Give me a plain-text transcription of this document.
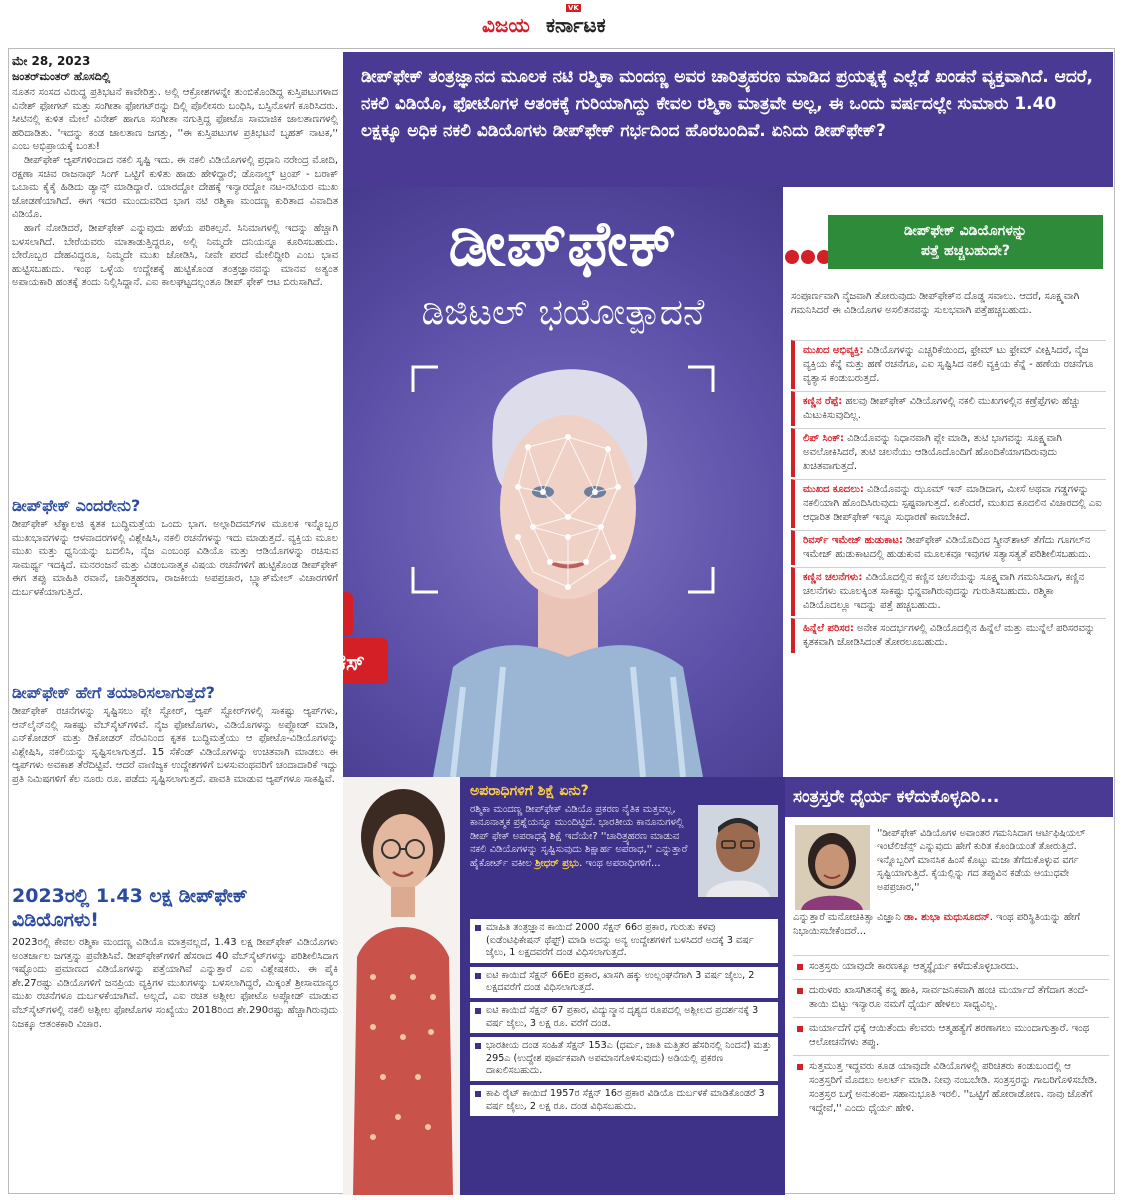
VK
ವಿಜಯ ಕರ್ನಾಟಕ
ಮೇ 28, 2023
ಜಂತರ್‌ಮಂತರ್ ಹೊಸದಿಲ್ಲಿ

ನೂತನ ಸಂಸದ ವಿರುದ್ಧ ಪ್ರತಿಭಟನೆ ಕಾವೇರಿತ್ತು. ಅಲ್ಲಿ ಆಕ್ರೋಶಗಳನ್ನೇ ತುಂಬಿಕೊಂಡಿದ್ದ ಕುಸ್ತಿಪಟುಗಳಾದ ವಿನೇಶ್ ಫೋಗಟ್ ಮತ್ತು ಸಂಗೀತಾ ಫೋಗಟ್‌ರನ್ನು ದಿಲ್ಲಿ ಪೊಲೀಸರು ಬಂಧಿಸಿ, ಬಸ್ಸಿನೊಳಗೆ ಕೂರಿಸಿದರು. ಸೀಟಿನಲ್ಲಿ ಕುಳಿತ ಮೇಲೆ ವಿನೇಶ್ ಹಾಗೂ ಸಂಗೀತಾ ನಗುತ್ತಿದ್ದ ಫೋಟೊ ಸಾಮಾಜಿಕ ಜಾಲತಾಣಗಳಲ್ಲಿ ಹರಿದಾಡಿತು. 'ಇದನ್ನು ಕಂಡ ಜಾಲತಾಣ ಜಗತ್ತು, ''ಈ ಕುಸ್ತಿಪಟುಗಳ ಪ್ರತಿಭಟನೆ ಬೃಹತ್ ನಾಟಕ,'' ಎಂಬ ಅಭಿಪ್ರಾಯಕ್ಕೆ ಬಂತು!

ಡೀಪ್‌ಫೇಕ್ ಆ್ಯಪ್‌ಗಳಿಂದಾದ ನಕಲಿ ಸೃಷ್ಟಿ ಇದು. ಈ ನಕಲಿ ವಿಡಿಯೊಗಳಲ್ಲಿ ಪ್ರಧಾನಿ ನರೇಂದ್ರ ಮೋದಿ, ರಕ್ಷಣಾ ಸಚಿವ ರಾಜನಾಥ್ ಸಿಂಗ್ ಒಟ್ಟಿಗೆ ಕುಳಿತು ಹಾಡು ಹೇಳಿದ್ದಾರೆ; ಡೊನಾಲ್ಡ್ ಟ್ರಂಪ್ - ಬರಾಕ್ ಒಬಾಮ ಕೈಕೈ ಹಿಡಿದು ಡ್ಯಾನ್ಸ್ ಮಾಡಿದ್ದಾರೆ. ಯಾರದ್ದೋ ದೇಹಕ್ಕೆ ಇನ್ಯಾರದ್ದೋ ನಟ-ನಟಿಯರ ಮುಖ ಜೋಡಣೆಯಾಗಿದೆ. ಈಗ ಇದರ ಮುಂದುವರಿದ ಭಾಗ ನಟಿ ರಶ್ಮಿಕಾ ಮಂದಣ್ಣ ಕುರಿತಾದ ವಿವಾದಿತ ವಿಡಿಯೊ.

ಹಾಗೆ ನೋಡಿದರೆ, ಡೀಪ್‌ಫೇಕ್ ಎನ್ನುವುದು ಹಳೆಯ ಪರಿಕಲ್ಪನೆ. ಸಿನಿಮಾಗಳಲ್ಲಿ ಇದನ್ನು ಹೆಚ್ಚಾಗಿ ಬಳಸಲಾಗಿದೆ. ಬೇರೆಯವರು ಮಾತಾಡುತ್ತಿದ್ದರೂ, ಅಲ್ಲಿ ನಿಮ್ಮದೇ ದನಿಯನ್ನೂ ಕೂರಿಸಬಹುದು. ಬೇರೊಬ್ಬರ ದೇಹವಿದ್ದರೂ, ನಿಮ್ಮದೇ ಮುಖ ಜೋಡಿಸಿ, ನೀವೇ ಪರದೆ ಮೇಲಿದ್ದೀರಿ ಎಂಬ ಭಾವ ಹುಟ್ಟಿಸಬಹುದು. ಇಂಥ ಒಳ್ಳೆಯ ಉದ್ದೇಶಕ್ಕೆ ಹುಟ್ಟಿಕೊಂಡ ತಂತ್ರಜ್ಞಾನವನ್ನು ಮಾನವ ಅತ್ಯಂತ ಅಪಾಯಕಾರಿ ಹಂತಕ್ಕೆ ತಂದು ನಿಲ್ಲಿಸಿದ್ದಾನೆ. ಎಐ ಕಾಲಘಟ್ಟದಲ್ಲಂತೂ ಡೀಪ್ ಫೇಕ್ ಆಟ ಬಿರುಸಾಗಿದೆ.

ಡೀಪ್‌ಫೇಕ್ ಎಂದರೇನು?

ಡೀಪ್‌ಫೇಕ್ ಟೆಕ್ನಾಲಜಿ ಕೃತಕ ಬುದ್ಧಿಮತ್ತೆಯ ಒಂದು ಭಾಗ. ಅಲ್ಗಾರಿದಮ್‌ಗಳ ಮೂಲಕ ಇನ್ನೊಬ್ಬರ ಮುಖಭಾವಗಳನ್ನು ಆಳವಾದರಗಳಲ್ಲಿ ವಿಶ್ಲೇಷಿಸಿ, ನಕಲಿ ರಚನೆಗಳನ್ನು ಇದು ಮಾಡುತ್ತದೆ. ವ್ಯಕ್ತಿಯ ಮೂಲ ಮುಖ ಮತ್ತು ಧ್ವನಿಯನ್ನು ಬದಲಿಸಿ, ನೈಜ ಎಂಬಂಥ ವಿಡಿಯೊ ಮತ್ತು ಆಡಿಯೊಗಳನ್ನು ರಚಿಸುವ ಸಾಮರ್ಥ್ಯ ಇದಕ್ಕಿದೆ. ಮನರಂಜನೆ ಮತ್ತು ವಿಡಂಬನಾತ್ಮಕ ವಿಷಯ ರಚನೆಗಳಿಗೆ ಹುಟ್ಟಿಕೊಂಡ ಡೀಪ್‌ಫೇಕ್ ಈಗ ತಪ್ಪು ಮಾಹಿತಿ ರವಾನೆ, ಚಾರಿತ್ರ್ಯಹರಣ, ರಾಜಕೀಯ ಅಪಪ್ರಚಾರ, ಬ್ಲ್ಯಾಕ್‌ಮೇಲ್ ವಿಚಾರಗಳಿಗೆ ದುರ್ಬಳಕೆಯಾಗುತ್ತಿದೆ.

ಡೀಪ್‌ಫೇಕ್ ಹೇಗೆ ತಯಾರಿಸಲಾಗುತ್ತದೆ?

ಡೀಪ್‌ಫೇಕ್ ರಚನೆಗಳನ್ನು ಸೃಷ್ಟಿಸಲು ಪ್ಲೇ ಸ್ಟೋರ್, ಆ್ಯಪ್ ಸ್ಟೋರ್‌ಗಳಲ್ಲಿ ಸಾಕಷ್ಟು ಆ್ಯಪ್‌ಗಳು, ಆನ್‌ಲೈನ್‌ನಲ್ಲಿ ಸಾಕಷ್ಟು ವೆಬ್‌ಸೈಟ್‌ಗಳಿವೆ. ನೈಜ ಫೋಟೊಗಳು, ವಿಡಿಯೊಗಳನ್ನು ಅಪ್ಲೋಡ್ ಮಾಡಿ, ಎನ್‌ಕೋಡರ್ ಮತ್ತು ಡಿಕೋಡರ್ ನೆರವಿನಿಂದ ಕೃತಕ ಬುದ್ಧಿಮತ್ತೆಯು ಆ ಫೋಟೊ-ವಿಡಿಯೊಗಳನ್ನು ವಿಶ್ಲೇಷಿಸಿ, ನಕಲಿಯನ್ನು ಸೃಷ್ಟಿಸಲಾಗುತ್ತದೆ. 15 ಸೆಕೆಂಡ್ ವಿಡಿಯೊಗಳನ್ನು ಉಚಿತವಾಗಿ ಮಾಡಲು ಈ ಆ್ಯಪ್‌ಗಳು ಅವಕಾಶ ತೆರೆದಿಟ್ಟಿವೆ. ಆದರೆ ವಾಣಿಜ್ಯಕ ಉದ್ದೇಶಗಳಿಗೆ ಬಳಸುವಂಥವರಿಗೆ ಚಂದಾದಾರಿಕೆ ಇದ್ದು ಪ್ರತಿ ನಿಮಿಷಗಳಿಗೆ ಕೆಲ ನೂರು ರೂ. ಪಡೆದು ಸೃಷ್ಟಿಸಲಾಗುತ್ತದೆ. ಪಾವತಿ ಮಾಡುವ ಆ್ಯಪ್‌ಗಳೂ ಸಾಕಷ್ಟಿವೆ.

2023ರಲ್ಲಿ 1.43 ಲಕ್ಷ ಡೀಪ್‌ಫೇಕ್ ವಿಡಿಯೊಗಳು!

2023ರಲ್ಲಿ ಕೇವಲ ರಶ್ಮಿಕಾ ಮಂದಣ್ಣ ವಿಡಿಯೊ ಮಾತ್ರವಲ್ಲದೆ, 1.43 ಲಕ್ಷ ಡೀಪ್‌ಫೇಕ್ ವಿಡಿಯೊಗಳು ಅಂತರ್ಜಾಲ ಜಗತ್ತನ್ನು ಪ್ರವೇಶಿಸಿವೆ. ಡೀಪ್‌ಫೇಕ್‌ಗಳಿಗೆ ಹೆಸರಾದ 40 ವೆಬ್‌ಸೈಟ್‌ಗಳನ್ನು ಪರಿಶೀಲಿಸಿದಾಗ ಇಷ್ಟೊಂದು ಪ್ರಮಾಣದ ವಿಡಿಯೊಗಳನ್ನು ಪತ್ತೆಯಾಗಿವೆ ಎನ್ನುತ್ತಾರೆ ಎಐ ವಿಶ್ಲೇಷಕರು. ಈ ಪೈಕಿ ಶೇ.27ರಷ್ಟು ವಿಡಿಯೊಗಳಿಗೆ ಜನಪ್ರಿಯ ವ್ಯಕ್ತಿಗಳ ಮುಖಗಳನ್ನು ಬಳಸಲಾಗಿದ್ದರೆ, ಮಿಕ್ಕಂತೆ ಶ್ರೀಸಾಮಾನ್ಯರ ಮುಖ ರಚನೆಗಳೂ ದುರ್ಬಳಕೆಯಾಗಿವೆ. ಅಲ್ಲದೆ, ಎಐ ರಚಿತ ಅಶ್ಲೀಲ ಫೋಟೊ ಅಪ್ಲೋಡ್ ಮಾಡುವ ವೆಬ್‌ಸೈಟ್‌ಗಳಲ್ಲಿ ನಕಲಿ ಅಶ್ಲೀಲ ಫೋಟೊಗಳ ಸಂಖ್ಯೆಯು 2018ರಿಂದ ಶೇ.290ರಷ್ಟು ಹೆಚ್ಚಾಗಿರುವುದು ನಿಜಕ್ಕೂ ಆತಂಕಕಾರಿ ವಿಚಾರ.

ಡೀಪ್‌ಫೇಕ್ ತಂತ್ರಜ್ಞಾನದ ಮೂಲಕ ನಟಿ ರಶ್ಮಿಕಾ ಮಂದಣ್ಣ ಅವರ ಚಾರಿತ್ರ್ಯಹರಣ ಮಾಡಿದ ಪ್ರಯತ್ನಕ್ಕೆ ಎಲ್ಲೆಡೆ ಖಂಡನೆ ವ್ಯಕ್ತವಾಗಿದೆ. ಆದರೆ, ನಕಲಿ ವಿಡಿಯೊ, ಫೋಟೊಗಳ ಆತಂಕಕ್ಕೆ ಗುರಿಯಾಗಿದ್ದು ಕೇವಲ ರಶ್ಮಿಕಾ ಮಾತ್ರವೇ ಅಲ್ಲ, ಈ ಒಂದು ವರ್ಷದಲ್ಲೇ ಸುಮಾರು 1.40 ಲಕ್ಷಕ್ಕೂ ಅಧಿಕ ನಕಲಿ ವಿಡಿಯೊಗಳು ಡೀಪ್‌ಫೇಕ್ ಗರ್ಭದಿಂದ ಹೊರಬಂದಿವೆ. ಏನಿದು ಡೀಪ್‌ಫೇಕ್?

ಡೀಪ್‌ಫೇಕ್
ಡಿಜಿಟಲ್ ಭಯೋತ್ಪಾದನೆ
ವಿಕ
ಫೋಕಸ್
ಡೀಪ್‌ಫೇಕ್ ವಿಡಿಯೊಗಳನ್ನು
ಪತ್ತೆ ಹಚ್ಚಬಹುದೇ?
ಸಂಪೂರ್ಣವಾಗಿ ನೈಜವಾಗಿ ತೋರುವುದು ಡೀಪ್‌ಫೇಕ್‌ನ ದೊಡ್ಡ ಸವಾಲು. ಆದರೆ, ಸೂಕ್ಷ್ಮವಾಗಿ ಗಮನಿಸಿದರೆ ಈ ವಿಡಿಯೊಗಳ ಅಸಲಿತನವನ್ನು ಸುಲಭವಾಗಿ ಪತ್ತೆಹಚ್ಚಬಹುದು.
ಮುಖದ ಅಭಿವ್ಯಕ್ತಿ: ವಿಡಿಯೊಗಳನ್ನು ಎಚ್ಚರಿಕೆಯಿಂದ, ಫ್ರೇಮ್ ಟು ಫ್ರೇಮ್ ವೀಕ್ಷಿಸಿದರೆ, ನೈಜ ವ್ಯಕ್ತಿಯ ಕೆನ್ನೆ ಮತ್ತು ಹಣೆ ರಚನೆಗೂ, ಎಐ ಸೃಷ್ಟಿಸಿದ ನಕಲಿ ವ್ಯಕ್ತಿಯ ಕೆನ್ನೆ - ಹಣೆಯ ರಚನೆಗೂ ವ್ಯತ್ಯಾಸ ಕಂಡುಬರುತ್ತದೆ.
ಕಣ್ಣಿನ ರೆಪ್ಪೆ: ಹಲವು ಡೀಪ್‌ಫೇಕ್ ವಿಡಿಯೊಗಳಲ್ಲಿ ನಕಲಿ ಮುಖಗಳಲ್ಲಿನ ಕಣ್ರೆಪ್ಪೆಗಳು ಹೆಚ್ಚು ಮಿಟುಕಿಸುವುದಿಲ್ಲ.
ಲಿಪ್ ಸಿಂಕ್: ವಿಡಿಯೊವನ್ನು ನಿಧಾನವಾಗಿ ಪ್ಲೇ ಮಾಡಿ, ತುಟಿ ಭಾಗವನ್ನು ಸೂಕ್ಷ್ಮವಾಗಿ ಅವಲೋಕಿಸಿದರೆ, ತುಟಿ ಚಲನೆಯು ಆಡಿಯೊದೊಂದಿಗೆ ಹೊಂದಿಕೆಯಾಗದಿರುವುದು ಖಚಿತವಾಗುತ್ತದೆ.
ಮುಖದ ಕೂದಲು: ವಿಡಿಯೊವನ್ನು ಝೂಮ್ ಇನ್ ಮಾಡಿದಾಗ, ಮೀಸೆ ಅಥವಾ ಗಡ್ಡಗಳನ್ನು ನಕಲಿಯಾಗಿ ಹೊಂದಿಸಿರುವುದು ಸ್ಪಷ್ಟವಾಗುತ್ತದೆ. ಏಕೆಂದರೆ, ಮುಖದ ಕೂದಲಿನ ವಿಚಾರದಲ್ಲಿ ಎಐ ಆಧಾರಿತ ಡೀಪ್‌ಫೇಕ್ ಇನ್ನೂ ಸುಧಾರಣೆ ಕಾಣಬೇಕಿದೆ.
ರಿವರ್ಸ್ ಇಮೇಜ್ ಹುಡುಕಾಟ: ಡೀಪ್‌ಫೇಕ್ ವಿಡಿಯೊದಿಂದ ಸ್ಕ್ರೀನ್‌ಶಾಟ್ ತೆಗೆದು ಗೂಗಲ್‌ನ ಇಮೇಜ್ ಹುಡುಕಾಟದಲ್ಲಿ ಹುಡುಕುವ ಮೂಲಕವೂ ಇವುಗಳ ಸತ್ಯಾಸತ್ಯತೆ ಪರಿಶೀಲಿಸಬಹುದು.
ಕಣ್ಣಿನ ಚಲನೆಗಳು: ವಿಡಿಯೊದಲ್ಲಿನ ಕಣ್ಣಿನ ಚಲನೆಯನ್ನು ಸೂಕ್ಷ್ಮವಾಗಿ ಗಮನಿಸಿದಾಗ, ಕಣ್ಣಿನ ಚಲನೆಗಳು ಮೂಲಕ್ಕಿಂತ ಸಾಕಷ್ಟು ಭಿನ್ನವಾಗಿರುವುದನ್ನು ಗುರುತಿಸಬಹುದು. ರಶ್ಮಿಕಾ ವಿಡಿಯೊದಲ್ಲೂ ಇದನ್ನು ಪತ್ತೆ ಹಚ್ಚಬಹುದು.
ಹಿನ್ನೆಲೆ ಪರಿಸರ: ಅನೇಕ ಸಂದರ್ಭಗಳಲ್ಲಿ ವಿಡಿಯೊದಲ್ಲಿನ ಹಿನ್ನೆಲೆ ಮತ್ತು ಮುನ್ನೆಲೆ ಪರಿಸರವನ್ನು ಕೃತಕವಾಗಿ ಜೋಡಿಸಿದಂತೆ ತೋರಲೂಬಹುದು.
ಅಪರಾಧಿಗಳಿಗೆ ಶಿಕ್ಷೆ ಏನು?
ರಶ್ಮಿಕಾ ಮಂದಣ್ಣ ಡೀಪ್‌ಫೇಕ್ ವಿಡಿಯೊ ಪ್ರಕರಣ ನೈತಿಕ ಮತ್ತವಲ್ಲ, ಕಾನೂನಾತ್ಮಕ ಪ್ರಶ್ನೆಯನ್ನೂ ಮುಂದಿಟ್ಟಿದೆ. ಭಾರತೀಯ ಕಾನೂನುಗಳಲ್ಲಿ ಡೀಪ್ ಫೇಕ್ ಅಪರಾಧಕ್ಕೆ ಶಿಕ್ಷೆ ಇದೆಯೇ? ''ಚಾರಿತ್ರ್ಯಹರಣ ಮಾಡುವ ನಕಲಿ ವಿಡಿಯೊಗಳನ್ನು ಸೃಷ್ಟಿಸುವುದು ಶಿಕ್ಷಾರ್ಹ ಅಪರಾಧ,'' ಎನ್ನುತ್ತಾರೆ ಹೈಕೋರ್ಟ್ ವಕೀಲ ಶ್ರೀಧರ್ ಪ್ರಭು. ಇಂಥ ಅಪರಾಧಿಗಳಿಗೆ...
ಮಾಹಿತಿ ತಂತ್ರಜ್ಞಾನ ಕಾಯಿದೆ 2000 ಸೆಕ್ಷನ್ 66ರ ಪ್ರಕಾರ, ಗುರುತು ಕಳವು (ಐಡೆಂಟಿಫಿಕೇಷನ್ ಥೆಫ್ಟ್) ಮಾಡಿ ಅದನ್ನು ಅನ್ಯ ಉದ್ದೇಶಗಳಿಗೆ ಬಳಸಿದರೆ ಅದಕ್ಕೆ 3 ವರ್ಷ ಜೈಲು, 1 ಲಕ್ಷದವರೆಗೆ ದಂಡ ವಿಧಿಸಲಾಗುತ್ತದೆ.
ಐಟಿ ಕಾಯಿದೆ ಸೆಕ್ಷನ್ 66Eರ ಪ್ರಕಾರ, ಖಾಸಗಿ ಹಕ್ಕು ಉಲ್ಲಂಘನೆಗಾಗಿ 3 ವರ್ಷ ಜೈಲು, 2 ಲಕ್ಷದವರೆಗೆ ದಂಡ ವಿಧಿಸಲಾಗುತ್ತದೆ.
ಐಟಿ ಕಾಯಿದೆ ಸೆಕ್ಷನ್ 67 ಪ್ರಕಾರ, ವಿದ್ಯುನ್ಮಾನ ದೃಶ್ಯದ ರೂಪದಲ್ಲಿ ಅಶ್ಲೀಲದ ಪ್ರದರ್ಶನಕ್ಕೆ 3 ವರ್ಷ ಜೈಲು, 3 ಲಕ್ಷ ರೂ. ವರೆಗೆ ದಂಡ.
ಭಾರತೀಯ ದಂಡ ಸಂಹಿತೆ ಸೆಕ್ಷನ್ 153ಎ (ಧರ್ಮ, ಜಾತಿ ಮತ್ತಿತರ ಹೆಸರಿನಲ್ಲಿ ನಿಂದನೆ) ಮತ್ತು 295ಎ (ಉದ್ದೇಶ ಪೂರ್ವಕವಾಗಿ ಅಪಮಾನಗೊಳಿಸುವುದು) ಅಡಿಯಲ್ಲಿ ಪ್ರಕರಣ ದಾಖಲಿಸಬಹುದು.
ಕಾಪಿ ರೈಟ್ ಕಾಯಿದೆ 1957ರ ಸೆಕ್ಷನ್ 16ರ ಪ್ರಕಾರ ವಿಡಿಯೊ ದುರ್ಬಳಕೆ ಮಾಡಿಕೊಂಡರೆ 3 ವರ್ಷ ಜೈಲು, 2 ಲಕ್ಷ ರೂ. ದಂಡ ವಿಧಿಸಬಹುದು.
ಸಂತ್ರಸ್ತರೇ ಧೈರ್ಯ ಕಳೆದುಕೊಳ್ಳದಿರಿ...
''ಡೀಪ್‌ಫೇಕ್ ವಿಡಿಯೊಗಳ ಅವಾಂತರ ಗಮನಿಸಿದಾಗ ಆರ್ಟಿಫಿಷಿಯಲ್ ಇಂಟೆಲಿಜೆನ್ಸ್ ಎನ್ನುವುದು ಹೇಗೆ ಕುರಿತ ಕೊಂಡಿಯಂತೆ ತೋರುತ್ತಿದೆ. ಇನ್ನೊಬ್ಬರಿಗೆ ಮಾನಸಿಕ ಹಿಂಸೆ ಕೊಟ್ಟು ಮಜಾ ತೆಗೆದುಕೊಳ್ಳುವ ವರ್ಗ ಸೃಷ್ಟಿಯಾಗುತ್ತಿದೆ. ಕೈಯಲ್ಲಿನ್ನು ಗದ ತಪ್ಪುವಿನ ಕಡೆಯ ಆಯುಧವೇ ಅಪಪ್ರಚಾರ,''
ಎನ್ನುತ್ತಾರೆ ಮನೋಚಿಕಿತ್ಸಾ ವಿಜ್ಞಾನಿ ಡಾ. ಶುಭಾ ಮಧುಸೂದನ್. ಇಂಥ ಪರಿಸ್ಥಿತಿಯನ್ನು ಹೇಗೆ ನಿಭಾಯಿಸಬೇಕೆಂದರೆ...
ಸಂತ್ರಸ್ತರು ಯಾವುದೇ ಕಾರಣಕ್ಕೂ ಆತ್ಮಸ್ಥೈರ್ಯ ಕಳೆದುಕೊಳ್ಳಬಾರದು.
ದುರುಳರು ಖಾಸಗಿತನಕ್ಕೆ ಕನ್ನ ಹಾಕಿ, ಸಾರ್ವಜನಿಕವಾಗಿ ಹಂಚಿ ಮರ್ಯಾದೆ ತೆಗೆದಾಗ ತಂದೆ- ತಾಯಿ ಬಿಟ್ಟು ಇನ್ಯಾರೂ ನಮಗೆ ಧೈರ್ಯ ಹೇಳಲು ಸಾಧ್ಯವಿಲ್ಲ.
ಮರ್ಯಾದೆಗೆ ಧಕ್ಕೆ ಆಯಿತೆಂದು ಕೆಲವರು ಆತ್ಮಹತ್ಯೆಗೆ ಶರಣಾಗಲು ಮುಂದಾಗುತ್ತಾರೆ. ಇಂಥ ಆಲೋಚನೆಗಳು ತಪ್ಪು.
ಸುತ್ತಮುತ್ತ ಇದ್ದವರು ಕೂಡ ಯಾವುದೇ ವಿಡಿಯೊಗಳಲ್ಲಿ ಪರಿಚಿತರು ಕಂಡುಬಂದಲ್ಲಿ ಆ ಸಂತ್ರಸ್ತರಿಗೆ ಮೊದಲು ಅಲರ್ಟ್ ಮಾಡಿ. ನೀವು ನಂಬಬೇಡಿ. ಸಂತ್ರಸ್ತರನ್ನು ಗಾಬರಿಗೊಳಿಸಬೇಡಿ. ಸಂತ್ರಸ್ತರ ಬಗ್ಗೆ ಅನುಕಂಪ- ಸಹಾನುಭೂತಿ ಇರಲಿ. ''ಒಟ್ಟಿಗೆ ಹೋರಾಡೋಣ. ನಾವು ಜೊತೆಗೆ ಇದ್ದೇವೆ,'' ಎಂದು ಧೈರ್ಯ ಹೇಳಿ.
